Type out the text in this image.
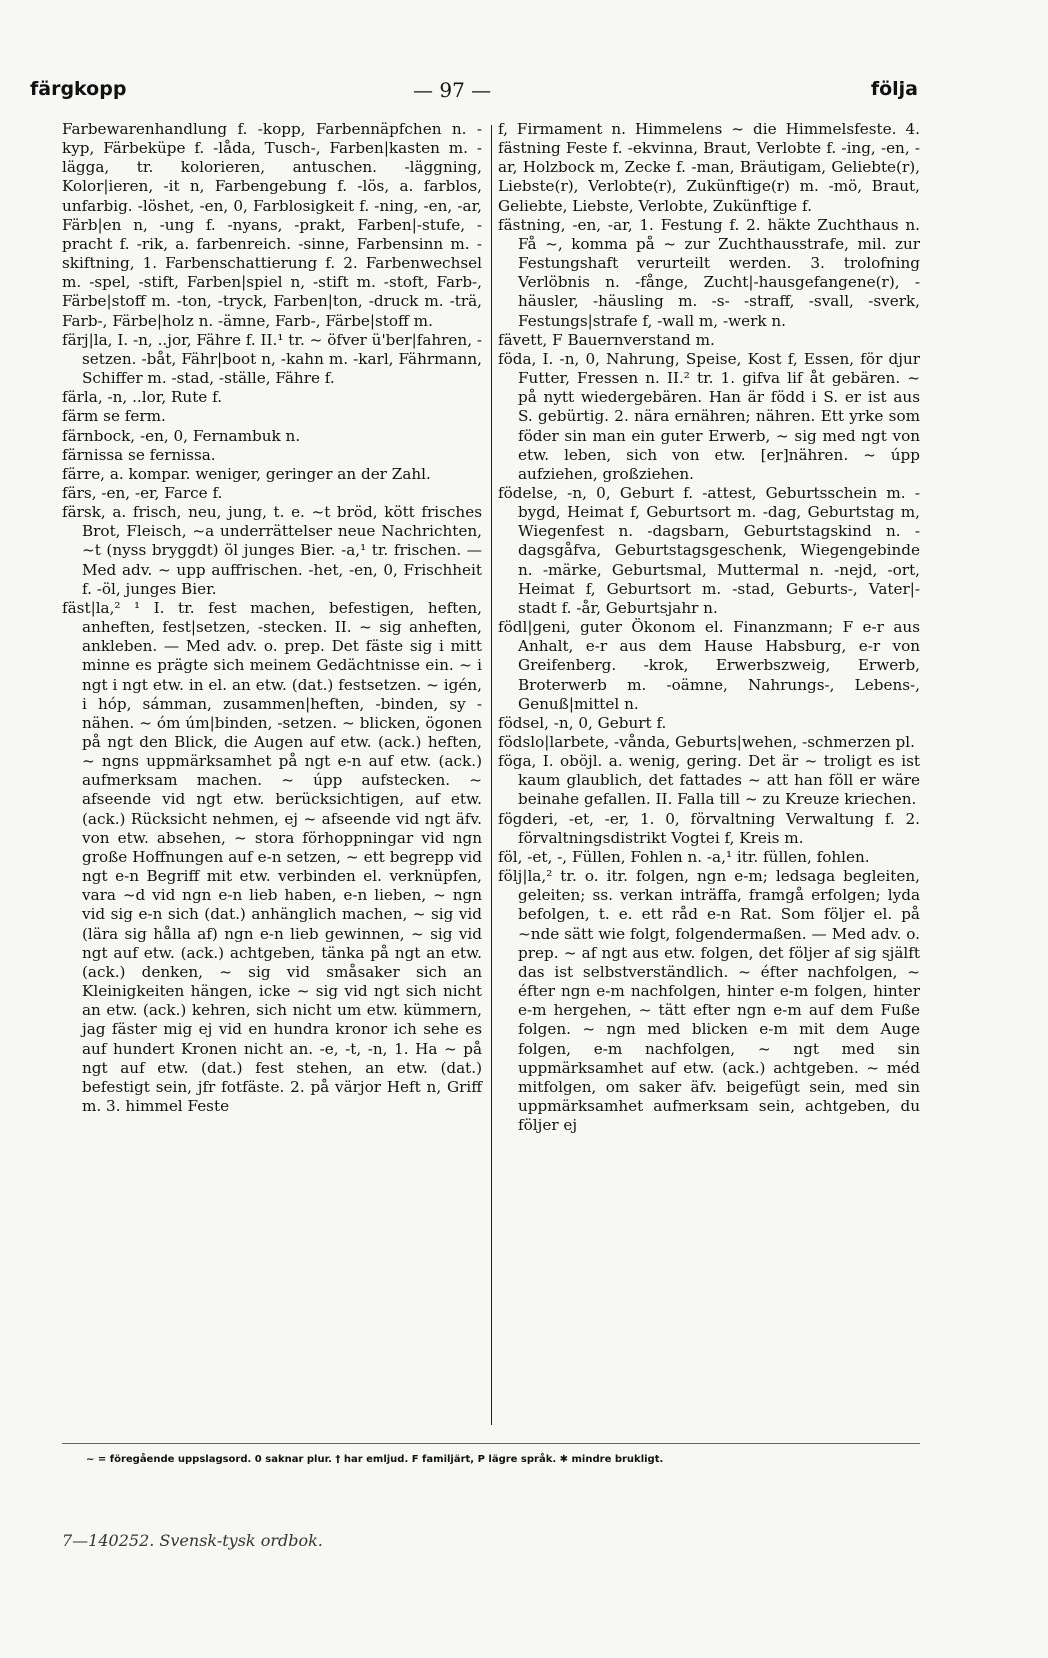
färgkopp	— 97 —	följa

Farbewarenhandlung f. -kopp, Farbennäpfchen n. -kyp, Färbeküpe f. -låda, Tusch-, Farben|kasten m. -lägga, tr. kolorieren, antuschen. -läggning, Kolor|ieren, -it n, Farbengebung f. -lös, a. farblos, unfarbig. -löshet, -en, 0, Farblosigkeit f. -ning, -en, -ar, Färb|en n, -ung f. -nyans, -prakt, Farben|-stufe, -pracht f. -rik, a. farbenreich. -sinne, Farbensinn m. -skiftning, 1. Farbenschattierung f. 2. Farbenwechsel m. -spel, -stift, Farben|spiel n, -stift m. -stoft, Farb-, Färbe|stoff m. -ton, -tryck, Farben|ton, -druck m. -trä, Farb-, Färbe|holz n. -ämne, Farb-, Färbe|stoff m.

färj|la, I. -n, ..jor, Fähre f. II.¹ tr. ~ öfver ü'ber|fahren, -setzen. -båt, Fähr|boot n, -kahn m. -karl, Fährmann, Schiffer m. -stad, -ställe, Fähre f.

färla, -n, ..lor, Rute f.

färm se ferm.

färnbock, -en, 0, Fernambuk n.

färnissa se fernissa.

färre, a. kompar. weniger, geringer an der Zahl.

färs, -en, -er, Farce f.

färsk, a. frisch, neu, jung, t. e. ~t bröd, kött frisches Brot, Fleisch, ~a underrättelser neue Nachrichten, ~t (nyss bryggdt) öl junges Bier. -a,¹ tr. frischen. — Med adv. ~ upp auffrischen. -het, -en, 0, Frischheit f. -öl, junges Bier.

fäst|la,² ¹ I. tr. fest machen, befestigen, heften, anheften, fest|setzen, -stecken. II. ~ sig anheften, ankleben. — Med adv. o. prep. Det fäste sig i mitt minne es prägte sich meinem Gedächtnisse ein. ~ i ngt i ngt etw. in el. an etw. (dat.) festsetzen. ~ igén, i hóp, sámman, zusammen|heften, -binden, sy -nähen. ~ óm úm|binden, -setzen. ~ blicken, ögonen på ngt den Blick, die Augen auf etw. (ack.) heften, ~ ngns uppmärksamhet på ngt e-n auf etw. (ack.) aufmerksam machen. ~ úpp aufstecken. ~ afseende vid ngt etw. berücksichtigen, auf etw. (ack.) Rücksicht nehmen, ej ~ afseende vid ngt äfv. von etw. absehen, ~ stora förhoppningar vid ngn große Hoffnungen auf e-n setzen, ~ ett begrepp vid ngt e-n Begriff mit etw. verbinden el. verknüpfen, vara ~d vid ngn e-n lieb haben, e-n lieben, ~ ngn vid sig e-n sich (dat.) anhänglich machen, ~ sig vid (lära sig hålla af) ngn e-n lieb gewinnen, ~ sig vid ngt auf etw. (ack.) achtgeben, tänka på ngt an etw. (ack.) denken, ~ sig vid småsaker sich an Kleinigkeiten hängen, icke ~ sig vid ngt sich nicht an etw. (ack.) kehren, sich nicht um etw. kümmern, jag fäster mig ej vid en hundra kronor ich sehe es auf hundert Kronen nicht an. -e, -t, -n, 1. Ha ~ på ngt auf etw. (dat.) fest stehen, an etw. (dat.) befestigt sein, jfr fotfäste. 2. på värjor Heft n, Griff m. 3. himmel Feste

f, Firmament n. Himmelens ~ die Himmelsfeste. 4. fästning Feste f. -ekvinna, Braut, Verlobte f. -ing, -en, -ar, Holzbock m, Zecke f. -man, Bräutigam, Geliebte(r), Liebste(r), Verlobte(r), Zukünftige(r) m. -mö, Braut, Geliebte, Liebste, Verlobte, Zukünftige f.

fästning, -en, -ar, 1. Festung f. 2. häkte Zuchthaus n. Få ~, komma på ~ zur Zuchthausstrafe, mil. zur Festungshaft verurteilt werden. 3. trolofning Verlöbnis n. -fånge, Zucht|-hausgefangene(r), -häusler, -häusling m. -s- -straff, -svall, -sverk, Festungs|strafe f, -wall m, -werk n.

fävett, F Bauernverstand m.

föda, I. -n, 0, Nahrung, Speise, Kost f, Essen, för djur Futter, Fressen n. II.² tr. 1. gifva lif åt gebären. ~ på nytt wiedergebären. Han är född i S. er ist aus S. gebürtig. 2. nära ernähren; nähren. Ett yrke som föder sin man ein guter Erwerb, ~ sig med ngt von etw. leben, sich von etw. [er]nähren. ~ úpp aufziehen, großziehen.

födelse, -n, 0, Geburt f. -attest, Geburtsschein m. -bygd, Heimat f, Geburtsort m. -dag, Geburtstag m, Wiegenfest n. -dagsbarn, Geburtstagskind n. -dagsgåfva, Geburtstagsgeschenk, Wiegengebinde n. -märke, Geburtsmal, Muttermal n. -nejd, -ort, Heimat f, Geburtsort m. -stad, Geburts-, Vater|-stadt f. -år, Geburtsjahr n.

födl|geni, guter Ökonom el. Finanzmann; F e-r aus Anhalt, e-r aus dem Hause Habsburg, e-r von Greifenberg. -krok, Erwerbszweig, Erwerb, Broterwerb m. -oämne, Nahrungs-, Lebens-, Genuß|mittel n.

födsel, -n, 0, Geburt f.

födslo|larbete, -vånda, Geburts|wehen, -schmerzen pl.

föga, I. oböjl. a. wenig, gering. Det är ~ troligt es ist kaum glaublich, det fattades ~ att han föll er wäre beinahe gefallen. II. Falla till ~ zu Kreuze kriechen.

fögderi, -et, -er, 1. 0, förvaltning Verwaltung f. 2. förvaltningsdistrikt Vogtei f, Kreis m.

föl, -et, -, Füllen, Fohlen n. -a,¹ itr. füllen, fohlen.

följ|la,² tr. o. itr. folgen, ngn e-m; ledsaga begleiten, geleiten; ss. verkan inträffa, framgå erfolgen; lyda befolgen, t. e. ett råd e-n Rat. Som följer el. på ~nde sätt wie folgt, folgendermaßen. — Med adv. o. prep. ~ af ngt aus etw. folgen, det följer af sig själft das ist selbstverständlich. ~ éfter nachfolgen, ~ éfter ngn e-m nachfolgen, hinter e-m folgen, hinter e-m hergehen, ~ tätt efter ngn e-m auf dem Fuße folgen. ~ ngn med blicken e-m mit dem Auge folgen, e-m nachfolgen, ~ ngt med sin uppmärksamhet auf etw. (ack.) achtgeben. ~ méd mitfolgen, om saker äfv. beigefügt sein, med sin uppmärksamhet aufmerksam sein, achtgeben, du följer ej

~ = föregående uppslagsord. 0 saknar plur. † har emljud. F familjärt, P lägre språk. ✱ mindre brukligt.
7—140252. Svensk-tysk ordbok.
